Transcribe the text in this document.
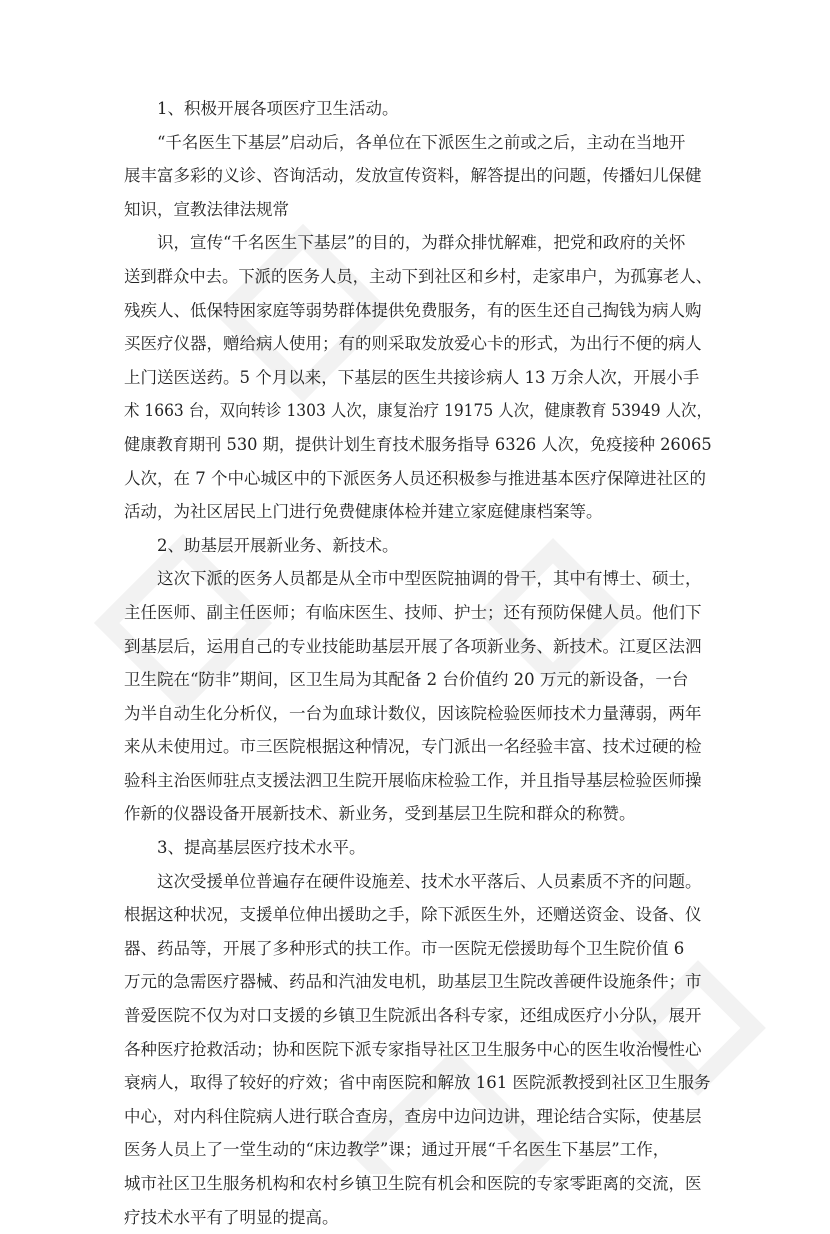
1、积极开展各项医疗卫生活动。

“千名医生下基层”启动后，各单位在下派医生之前或之后，主动在当地开

展丰富多彩的义诊、咨询活动，发放宣传资料，解答提出的问题，传播妇儿保健

知识，宣教法律法规常

识，宣传“千名医生下基层”的目的，为群众排忧解难，把党和政府的关怀

送到群众中去。下派的医务人员，主动下到社区和乡村，走家串户，为孤寡老人、

残疾人、低保特困家庭等弱势群体提供免费服务，有的医生还自己掏钱为病人购

买医疗仪器，赠给病人使用；有的则采取发放爱心卡的形式，为出行不便的病人

上门送医送药。5 个月以来，下基层的医生共接诊病人 13 万余人次，开展小手

术 1663 台，双向转诊 1303 人次，康复治疗 19175 人次，健康教育 53949 人次，

健康教育期刊 530 期，提供计划生育技术服务指导 6326 人次，免疫接种 26065

人次，在 7 个中心城区中的下派医务人员还积极参与推进基本医疗保障进社区的

活动，为社区居民上门进行免费健康体检并建立家庭健康档案等。

2、助基层开展新业务、新技术。

这次下派的医务人员都是从全市中型医院抽调的骨干，其中有博士、硕士，

主任医师、副主任医师；有临床医生、技师、护士；还有预防保健人员。他们下

到基层后，运用自己的专业技能助基层开展了各项新业务、新技术。江夏区法泗

卫生院在“防非”期间，区卫生局为其配备 2 台价值约 20 万元的新设备，一台

为半自动生化分析仪，一台为血球计数仪，因该院检验医师技术力量薄弱，两年

来从未使用过。市三医院根据这种情况，专门派出一名经验丰富、技术过硬的检

验科主治医师驻点支援法泗卫生院开展临床检验工作，并且指导基层检验医师操

作新的仪器设备开展新技术、新业务，受到基层卫生院和群众的称赞。

3、提高基层医疗技术水平。

这次受援单位普遍存在硬件设施差、技术水平落后、人员素质不齐的问题。

根据这种状况，支援单位伸出援助之手，除下派医生外，还赠送资金、设备、仪

器、药品等，开展了多种形式的扶工作。市一医院无偿援助每个卫生院价值 6

万元的急需医疗器械、药品和汽油发电机，助基层卫生院改善硬件设施条件；市

普爱医院不仅为对口支援的乡镇卫生院派出各科专家，还组成医疗小分队，展开

各种医疗抢救活动；协和医院下派专家指导社区卫生服务中心的医生收治慢性心

衰病人，取得了较好的疗效；省中南医院和解放 161 医院派教授到社区卫生服务

中心，对内科住院病人进行联合查房，查房中边问边讲，理论结合实际，使基层

医务人员上了一堂生动的“床边教学”课；通过开展“千名医生下基层”工作，

城市社区卫生服务机构和农村乡镇卫生院有机会和医院的专家零距离的交流，医

疗技术水平有了明显的提高。
